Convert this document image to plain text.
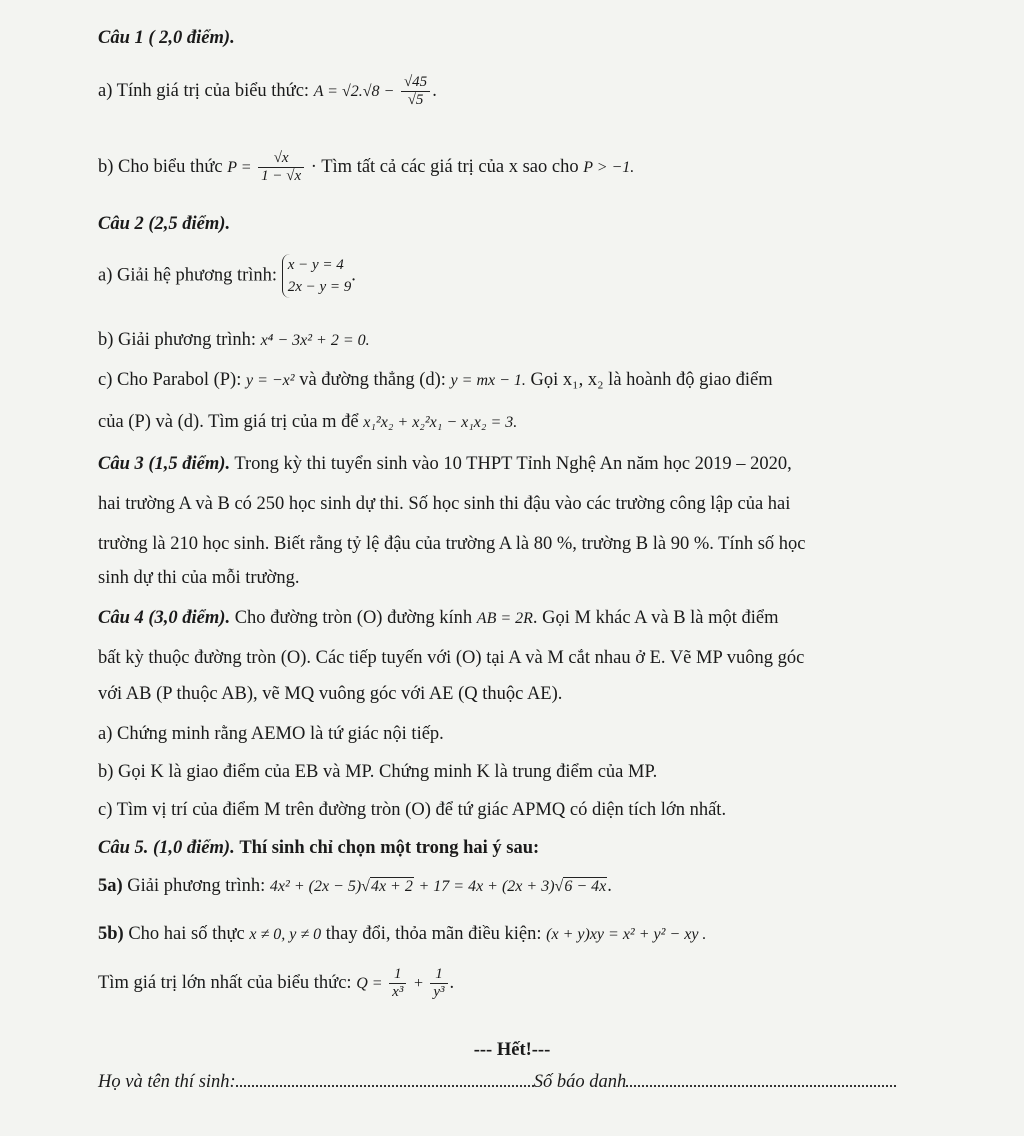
Câu 1 ( 2,0 điểm).
a) Tính giá trị của biểu thức: $A = √2.√8 - \frac{√45}{√5}$ .
b) Cho biểu thức $P = \frac{√x}{1 - √x}$ · Tìm tất cả các giá trị của x sao cho P > −1.
Câu 2 (2,5 điểm).
a) Giải hệ phương trình:
x − y = 4
2x − y = 9
.
b) Giải phương trình: x⁴ − 3x² + 2 = 0.
c) Cho Parabol (P): y = −x² và đường thẳng (d): y = mx − 1. Gọi x₁, x₂ là hoành độ giao điểm
của (P) và (d). Tìm giá trị của m để x₁²x₂ + x₂²x₁ − x₁x₂ = 3.
Câu 3 (1,5 điểm). Trong kỳ thi tuyển sinh vào 10 THPT Tỉnh Nghệ An năm học 2019 – 2020,
hai trường A và B có 250 học sinh dự thi. Số học sinh thi đậu vào các trường công lập của hai
trường là 210 học sinh. Biết rằng tỷ lệ đậu của trường A là 80 %, trường B là 90 %. Tính số học
sinh dự thi của mỗi trường.
Câu 4 (3,0 điểm). Cho đường tròn (O) đường kính AB = 2R. Gọi M khác A và B là một điểm
bất kỳ thuộc đường tròn (O). Các tiếp tuyến với (O) tại A và M cắt nhau ở E. Vẽ MP vuông góc
với AB (P thuộc AB), vẽ MQ vuông góc với AE (Q thuộc AE).
a) Chứng minh rằng AEMO là tứ giác nội tiếp.
b) Gọi K là giao điểm của EB và MP. Chứng minh K là trung điểm của MP.
c) Tìm vị trí của điểm M trên đường tròn (O) để tứ giác APMQ có diện tích lớn nhất.
Câu 5. (1,0 điểm). Thí sinh chỉ chọn một trong hai ý sau:
5a) Giải phương trình: 4x² + (2x − 5)√4x + 2 + 17 = 4x + (2x + 3)√6 − 4x.
5b) Cho hai số thực x ≠ 0, y ≠ 0 thay đổi, thỏa mãn điều kiện: (x + y)xy = x² + y² − xy .
Tìm giá trị lớn nhất của biểu thức: $Q = \frac{1}{\text{x³}} + \frac{1}{\text{y³}}$ .
--- Hết!---
Họ và tên thí sinh:	Số báo danh
